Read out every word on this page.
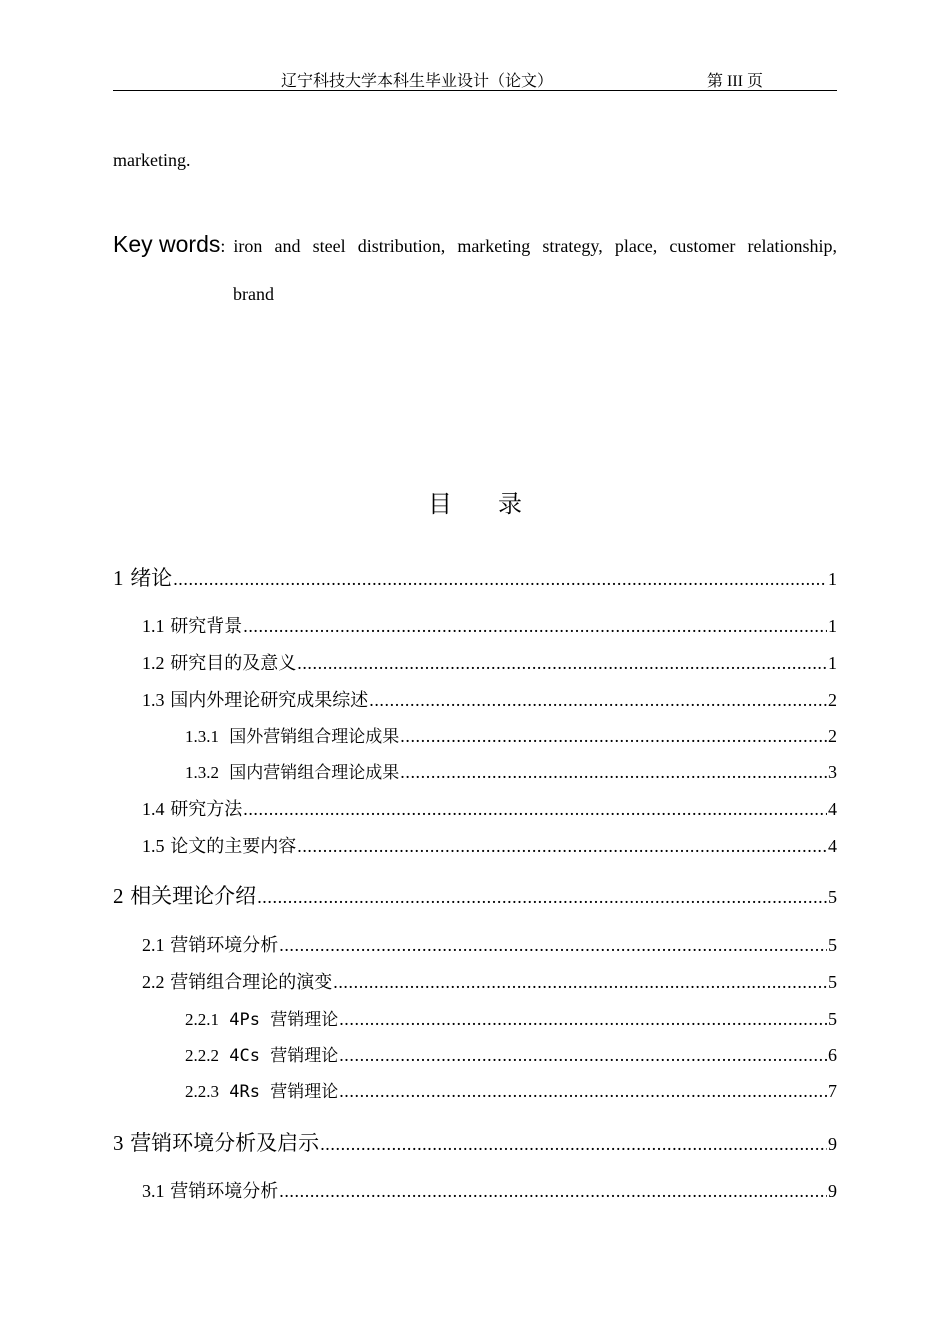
辽宁科技大学本科生毕业设计（论文）	第 III 页
marketing.
Key words : iron and steel distribution, marketing strategy, place, customer relationship,
brand
目录
1 绪论 .....	1
1.1 研究背景 .....	1
1.2 研究目的及意义 .....	1
1.3 国内外理论研究成果综述 .....	2
1.3.1 国外营销组合理论成果 .....	2
1.3.2 国内营销组合理论成果 .....	3
1.4 研究方法 .....	4
1.5 论文的主要内容 .....	4
2 相关理论介绍 .....	5
2.1 营销环境分析 .....	5
2.2 营销组合理论的演变 .....	5
2.2.1 4Ps 营销理论 .....	5
2.2.2 4Cs 营销理论 .....	6
2.2.3 4Rs 营销理论 .....	7
3 营销环境分析及启示 .....	9
3.1 营销环境分析 .....	9
